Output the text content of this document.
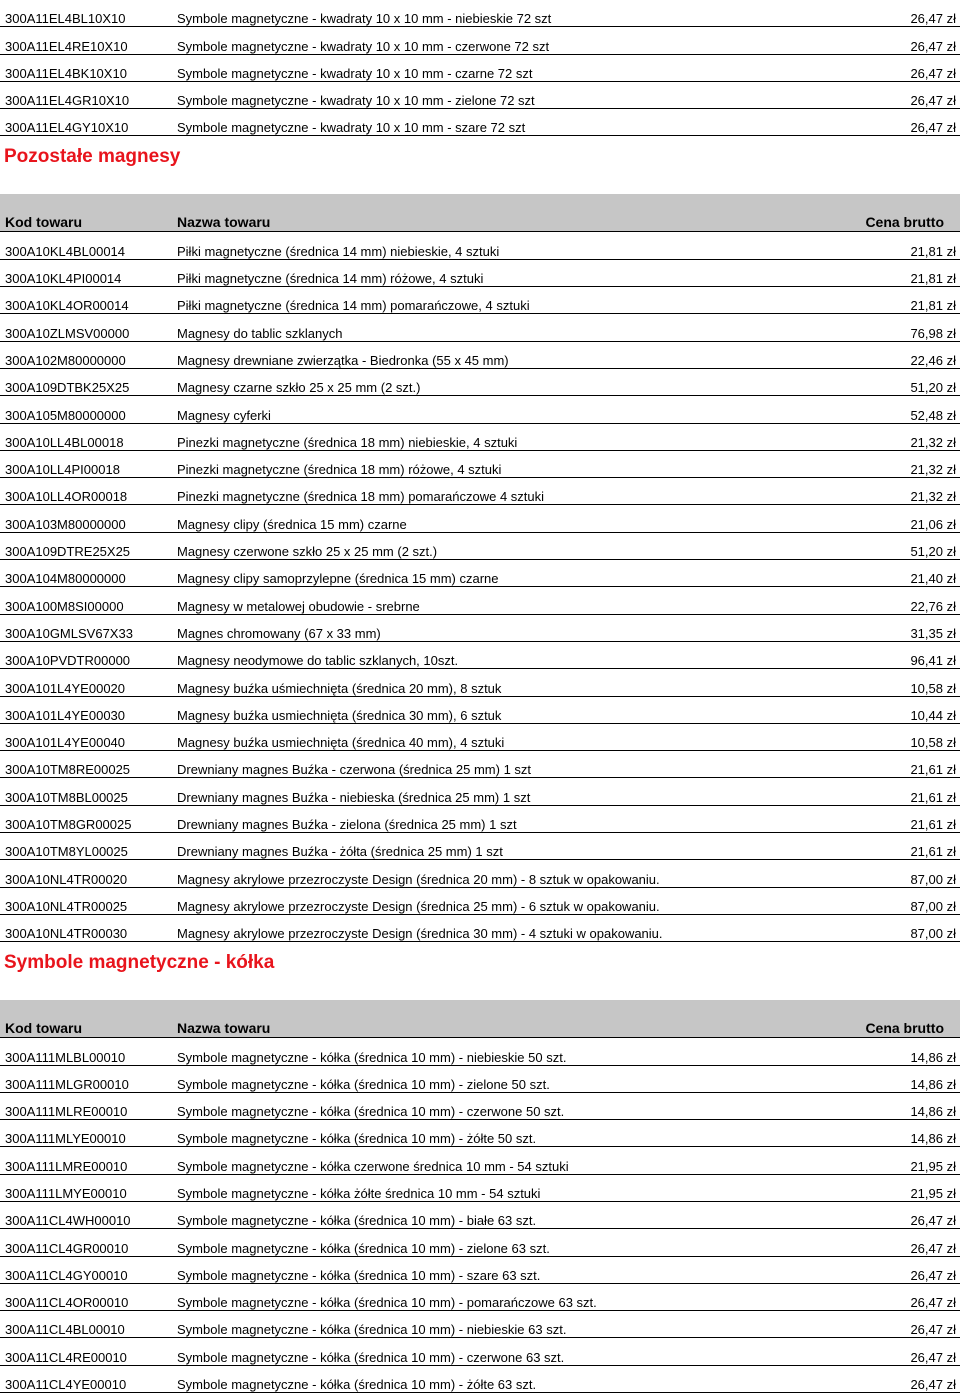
300A11EL4BL10X10	Symbole magnetyczne - kwadraty 10 x 10 mm - niebieskie 72 szt	26,47 zł
300A11EL4RE10X10	Symbole magnetyczne - kwadraty 10 x 10 mm - czerwone 72 szt	26,47 zł
300A11EL4BK10X10	Symbole magnetyczne - kwadraty 10 x 10 mm - czarne 72 szt	26,47 zł
300A11EL4GR10X10	Symbole magnetyczne - kwadraty 10 x 10 mm - zielone 72 szt	26,47 zł
300A11EL4GY10X10	Symbole magnetyczne - kwadraty 10 x 10 mm - szare 72 szt	26,47 zł
Pozostałe magnesy
Kod towaru	Nazwa towaru	Cena brutto
300A10KL4BL00014	Piłki magnetyczne (średnica 14 mm) niebieskie, 4 sztuki	21,81 zł
300A10KL4PI00014	Piłki magnetyczne (średnica 14 mm) różowe, 4 sztuki	21,81 zł
300A10KL4OR00014	Piłki magnetyczne (średnica 14 mm) pomarańczowe, 4 sztuki	21,81 zł
300A10ZLMSV00000	Magnesy do tablic szklanych	76,98 zł
300A102M80000000	Magnesy drewniane zwierzątka - Biedronka (55 x 45 mm)	22,46 zł
300A109DTBK25X25	Magnesy czarne szkło 25 x 25 mm (2 szt.)	51,20 zł
300A105M80000000	Magnesy cyferki	52,48 zł
300A10LL4BL00018	Pinezki magnetyczne (średnica 18 mm) niebieskie, 4 sztuki	21,32 zł
300A10LL4PI00018	Pinezki magnetyczne (średnica 18 mm) różowe, 4 sztuki	21,32 zł
300A10LL4OR00018	Pinezki magnetyczne (średnica 18 mm) pomarańczowe 4 sztuki	21,32 zł
300A103M80000000	Magnesy clipy (średnica 15 mm) czarne	21,06 zł
300A109DTRE25X25	Magnesy czerwone szkło 25 x 25 mm (2 szt.)	51,20 zł
300A104M80000000	Magnesy clipy samoprzylepne (średnica 15 mm) czarne	21,40 zł
300A100M8SI00000	Magnesy w metalowej obudowie - srebrne	22,76 zł
300A10GMLSV67X33	Magnes chromowany (67 x 33 mm)	31,35 zł
300A10PVDTR00000	Magnesy neodymowe do tablic szklanych, 10szt.	96,41 zł
300A101L4YE00020	Magnesy buźka uśmiechnięta (średnica 20 mm), 8 sztuk	10,58 zł
300A101L4YE00030	Magnesy buźka usmiechnięta (średnica 30 mm), 6 sztuk	10,44 zł
300A101L4YE00040	Magnesy buźka usmiechnięta (średnica 40 mm), 4 sztuki	10,58 zł
300A10TM8RE00025	Drewniany magnes Buźka - czerwona (średnica 25 mm) 1 szt	21,61 zł
300A10TM8BL00025	Drewniany magnes Buźka - niebieska (średnica 25 mm) 1 szt	21,61 zł
300A10TM8GR00025	Drewniany magnes Buźka - zielona (średnica 25 mm) 1 szt	21,61 zł
300A10TM8YL00025	Drewniany magnes Buźka - żółta (średnica 25 mm) 1 szt	21,61 zł
300A10NL4TR00020	Magnesy akrylowe przezroczyste Design (średnica 20 mm) - 8 sztuk w opakowaniu.	87,00 zł
300A10NL4TR00025	Magnesy akrylowe przezroczyste Design (średnica 25 mm) - 6 sztuk w opakowaniu.	87,00 zł
300A10NL4TR00030	Magnesy akrylowe przezroczyste Design (średnica 30 mm) - 4 sztuki w opakowaniu.	87,00 zł
Symbole magnetyczne - kółka
Kod towaru	Nazwa towaru	Cena brutto
300A111MLBL00010	Symbole magnetyczne - kółka (średnica 10 mm) - niebieskie 50 szt.	14,86 zł
300A111MLGR00010	Symbole magnetyczne - kółka (średnica 10 mm) - zielone 50 szt.	14,86 zł
300A111MLRE00010	Symbole magnetyczne - kółka (średnica 10 mm) - czerwone 50 szt.	14,86 zł
300A111MLYE00010	Symbole magnetyczne - kółka (średnica 10 mm) - żółte 50 szt.	14,86 zł
300A111LMRE00010	Symbole magnetyczne - kółka czerwone średnica 10 mm - 54 sztuki	21,95 zł
300A111LMYE00010	Symbole magnetyczne - kółka żółte średnica 10 mm - 54 sztuki	21,95 zł
300A11CL4WH00010	Symbole magnetyczne - kółka (średnica 10 mm) - białe 63 szt.	26,47 zł
300A11CL4GR00010	Symbole magnetyczne - kółka (średnica 10 mm) - zielone 63 szt.	26,47 zł
300A11CL4GY00010	Symbole magnetyczne - kółka (średnica 10 mm) - szare 63 szt.	26,47 zł
300A11CL4OR00010	Symbole magnetyczne - kółka (średnica 10 mm) - pomarańczowe 63 szt.	26,47 zł
300A11CL4BL00010	Symbole magnetyczne - kółka (średnica 10 mm) - niebieskie 63 szt.	26,47 zł
300A11CL4RE00010	Symbole magnetyczne - kółka (średnica 10 mm) - czerwone 63 szt.	26,47 zł
300A11CL4YE00010	Symbole magnetyczne - kółka (średnica 10 mm) - żółte 63 szt.	26,47 zł
